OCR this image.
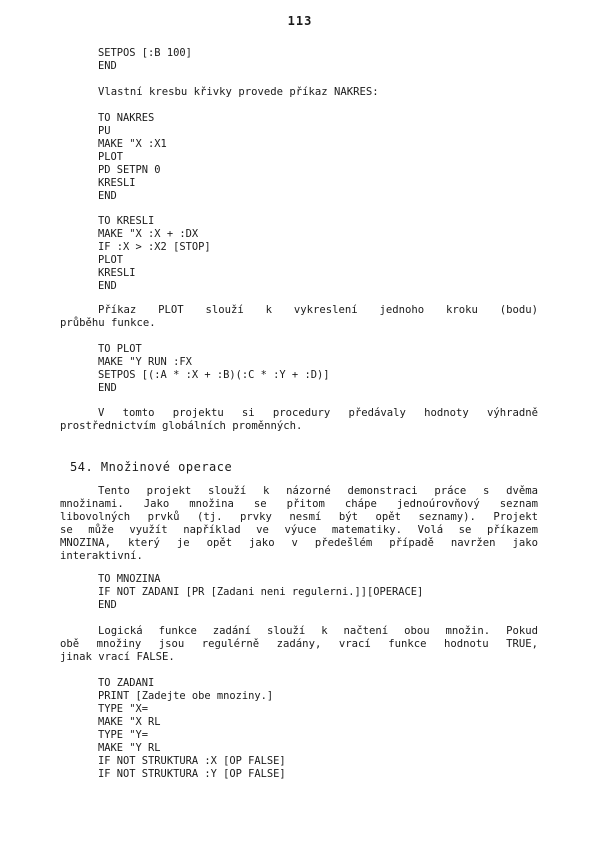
113
SETPOS [:B 100]
END
Vlastní kresbu křivky provede příkaz NAKRES:
TO NAKRES
PU
MAKE "X :X1
PLOT
PD SETPN 0
KRESLI
END
TO KRESLI
MAKE "X :X + :DX
IF :X > :X2 [STOP]
PLOT
KRESLI
END
Příkaz PLOT slouží k vykreslení jednoho kroku (bodu)
průběhu funkce.
TO PLOT
MAKE "Y RUN :FX
SETPOS [(:A * :X + :B)(:C * :Y + :D)]
END
V tomto projektu si procedury předávaly hodnoty výhradně
prostřednictvím globálních proměnných.
54. Množinové operace
Tento projekt slouží k názorné demonstraci práce s dvěma
množinami. Jako množina se přitom chápe jednoúrovňový seznam
libovolných prvků (tj. prvky nesmí být opět seznamy). Projekt
se může využít například ve výuce matematiky. Volá se příkazem
MNOZINA, který je opět jako v předešlém případě navržen jako
interaktivní.
TO MNOZINA
IF NOT ZADANI [PR [Zadani neni regulerni.]][OPERACE]
END
Logická funkce zadání slouží k načtení obou množin. Pokud
obě množiny jsou regulérně zadány, vrací funkce hodnotu TRUE,
jinak vrací FALSE.
TO ZADANI
PRINT [Zadejte obe mnoziny.]
TYPE "X=
MAKE "X RL
TYPE "Y=
MAKE "Y RL
IF NOT STRUKTURA :X [OP FALSE]
IF NOT STRUKTURA :Y [OP FALSE]
